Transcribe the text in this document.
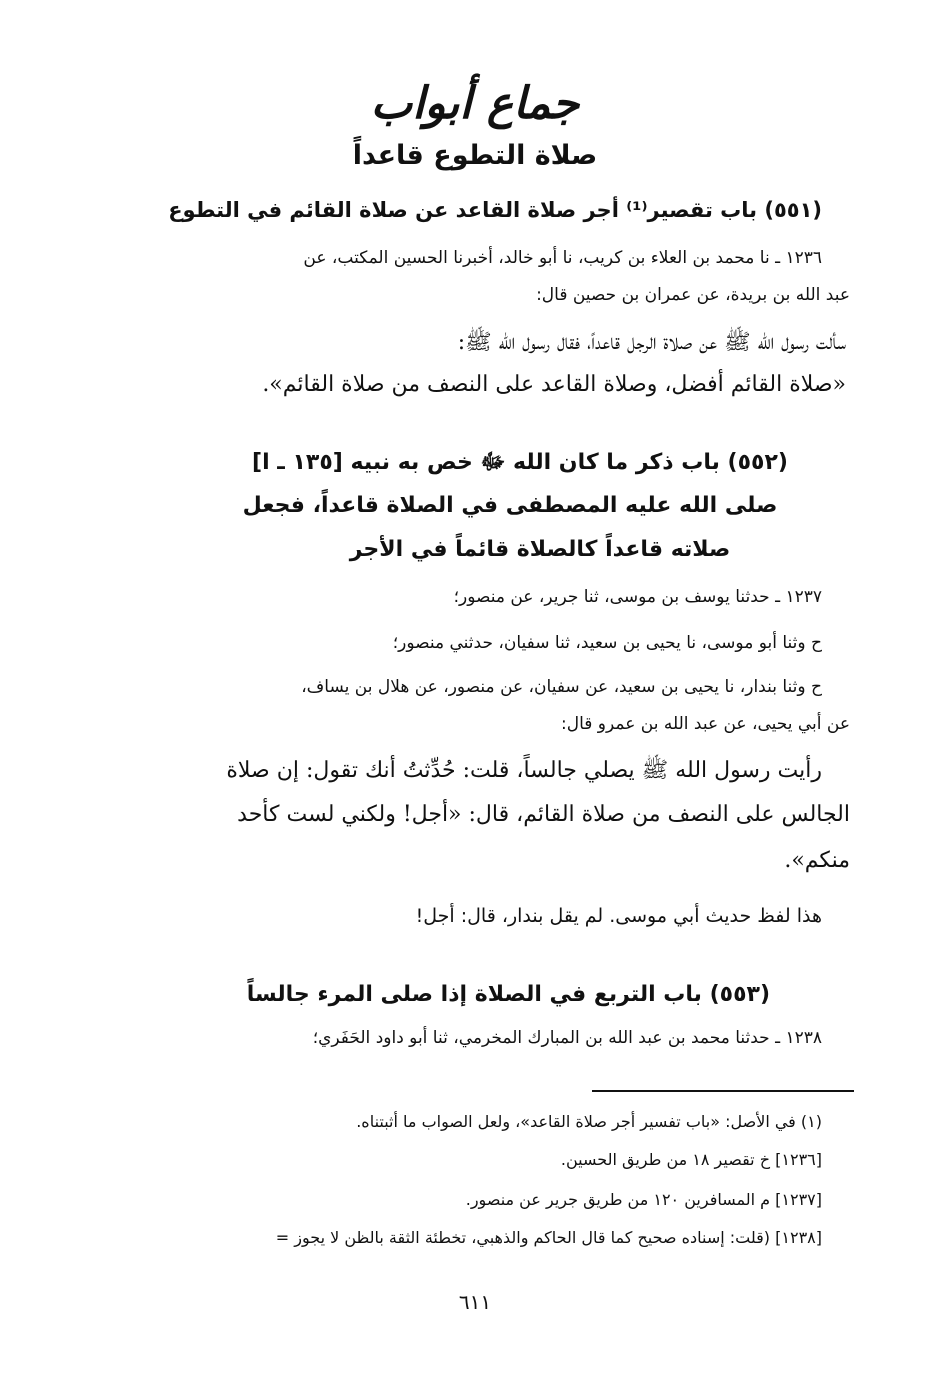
جماع أبواب
صلاة التطوع قاعداً
(٥٥١) باب تقصير⁽¹⁾ أجر صلاة القاعد عن صلاة القائم في التطوع
١٢٣٦ ـ نا محمد بن العلاء بن كريب، نا أبو خالد، أخبرنا الحسين المكتب، عن
عبد الله بن بريدة، عن عمران بن حصين قال:
سألت رسول الله ﷺ عن صلاة الرجل قاعداً، فقال رسول الله ﷺ:
«صلاة القائم أفضل، وصلاة القاعد على النصف من صلاة القائم».
(٥٥٢) باب ذكر ما كان الله ﷻ خص به نبيه [١٣٥ ـ ا]
صلى الله عليه المصطفى في الصلاة قاعداً، فجعل
صلاته قاعداً كالصلاة قائماً في الأجر
١٢٣٧ ـ حدثنا يوسف بن موسى، ثنا جرير، عن منصور؛
ح وثنا أبو موسى، نا يحيى بن سعيد، ثنا سفيان، حدثني منصور؛
ح وثنا بندار، نا يحيى بن سعيد، عن سفيان، عن منصور، عن هلال بن يساف،
عن أبي يحيى، عن عبد الله بن عمرو قال:
رأيت رسول الله ﷺ يصلي جالساً، قلت: حُدِّثتُ أنك تقول: إن صلاة
الجالس على النصف من صلاة القائم، قال: «أجل! ولكني لست كأحد
منكم».
هذا لفظ حديث أبي موسى. لم يقل بندار، قال: أجل!
(٥٥٣) باب التربع في الصلاة إذا صلى المرء جالساً
١٢٣٨ ـ حدثنا محمد بن عبد الله بن المبارك المخرمي، ثنا أبو داود الحَفَري؛
(١) في الأصل: «باب تفسير أجر صلاة القاعد»، ولعل الصواب ما أثبتناه.
[١٢٣٦] خ تقصير ١٨ من طريق الحسين.
[١٢٣٧] م المسافرين ١٢٠ من طريق جرير عن منصور.
[١٢٣٨] (قلت: إسناده صحيح كما قال الحاكم والذهبي، تخطئة الثقة بالظن لا يجوز =
٦١١
